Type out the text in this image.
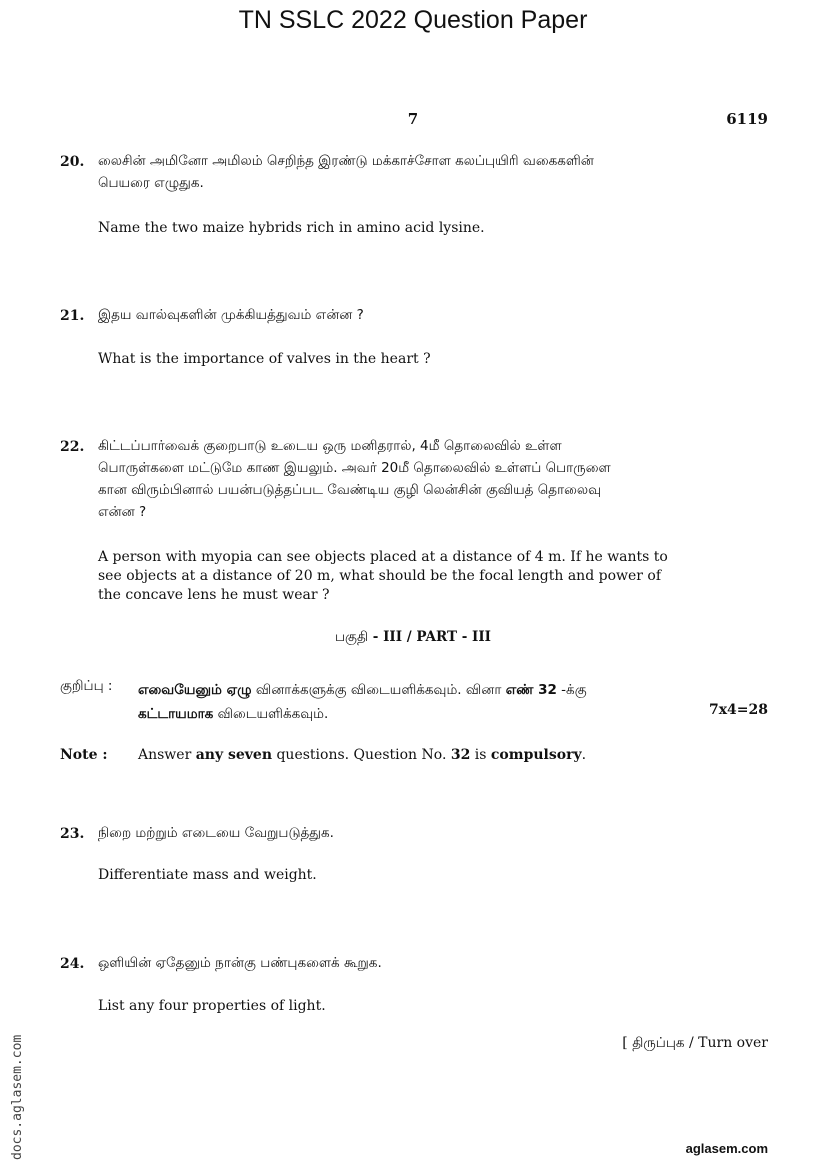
TN SSLC 2022 Question Paper
7	6119
20. லைசின் அமினோ அமிலம் செறிந்த இரண்டு மக்காச்சோள கலப்புயிரி வகைகளின்
பெயரை எழுதுக.
Name the two maize hybrids rich in amino acid lysine.
21. இதய வால்வுகளின் முக்கியத்துவம் என்ன ?
What is the importance of valves in the heart ?
22. கிட்டப்பார்வைக் குறைபாடு உடைய ஒரு மனிதரால், 4மீ தொலைவில் உள்ள
பொருள்களை மட்டுமே காண இயலும். அவர் 20மீ தொலைவில் உள்ளப் பொருளை
கான விரும்பினால் பயன்படுத்தப்பட வேண்டிய குழி லென்சின் குவியத் தொலைவு
என்ன ?
A person with myopia can see objects placed at a distance of 4 m. If he wants to
see objects at a distance of 20 m, what should be the focal length and power of
the concave lens he must wear ?
பகுதி - III / PART - III
குறிப்பு : எவையேனும் ஏழு வினாக்களுக்கு விடையளிக்கவும். வினா எண் 32 -க்கு
கட்டாயமாக விடையளிக்கவும்.	7x4=28
Note : Answer any seven questions. Question No. 32 is compulsory.
23. நிறை மற்றும் எடையை வேறுபடுத்துக.
Differentiate mass and weight.
24. ஒளியின் ஏதேனும் நான்கு பண்புகளைக் கூறுக.
List any four properties of light.
[ திருப்புக / Turn over
docs.aglasem.com	aglasem.com
